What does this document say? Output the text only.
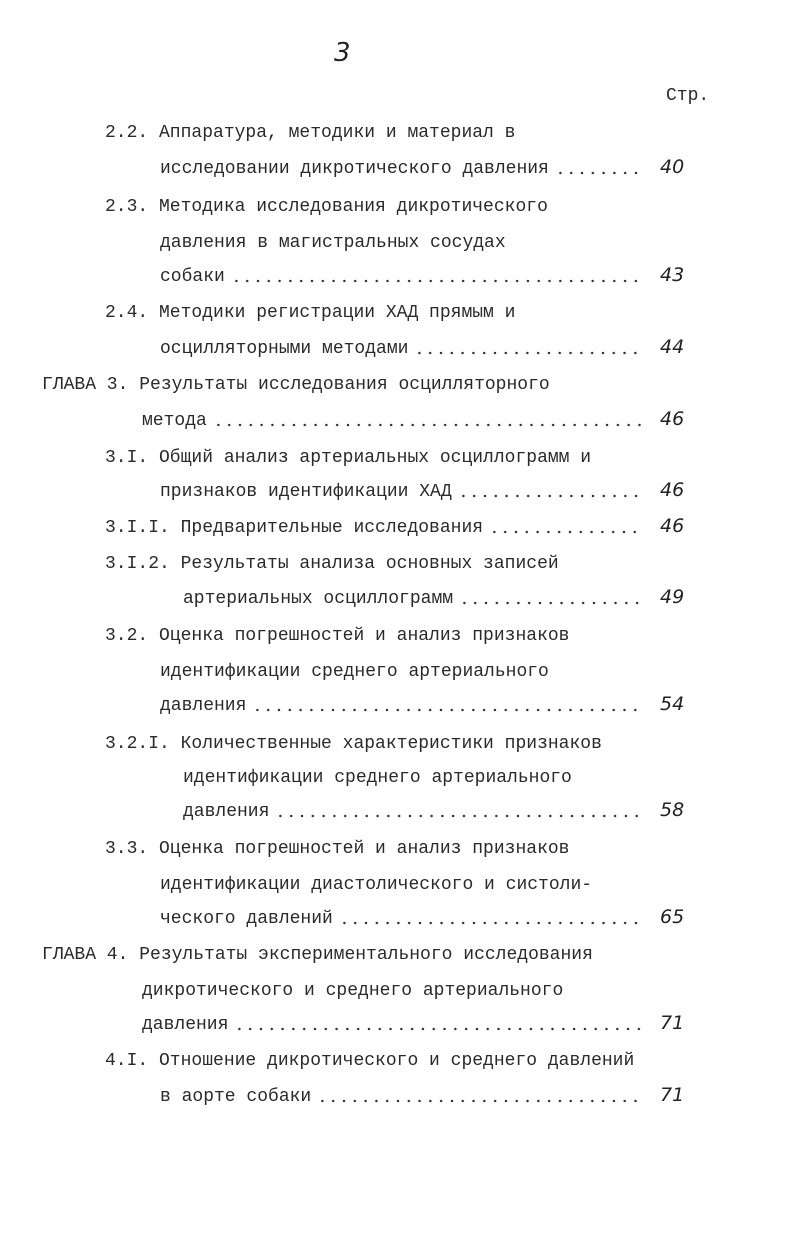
3
Стр.
2.2. Аппаратура, методики и материал в
40
исследовании дикротического давления
2.3. Методика исследования дикротического
давления в магистральных сосудах
43
собаки
2.4. Методики регистрации ХАД прямым и
44
осцилляторными методами
ГЛАВА 3. Результаты исследования осцилляторного
46
метода
3.I. Общий анализ артериальных осциллограмм и
46
признаков идентификации ХАД
46
3.I.I. Предварительные исследования
3.I.2. Результаты анализа основных записей
49
артериальных осциллограмм
3.2. Оценка погрешностей и анализ признаков
идентификации среднего артериального
54
давления
3.2.I. Количественные характеристики признаков
идентификации среднего артериального
58
давления
3.3. Оценка погрешностей и анализ признаков
идентификации диастолического и систоли-
65
ческого давлений
ГЛАВА 4. Результаты экспериментального исследования
дикротического и среднего артериального
71
давления
4.I. Отношение дикротического и среднего давлений
71
в аорте собаки
